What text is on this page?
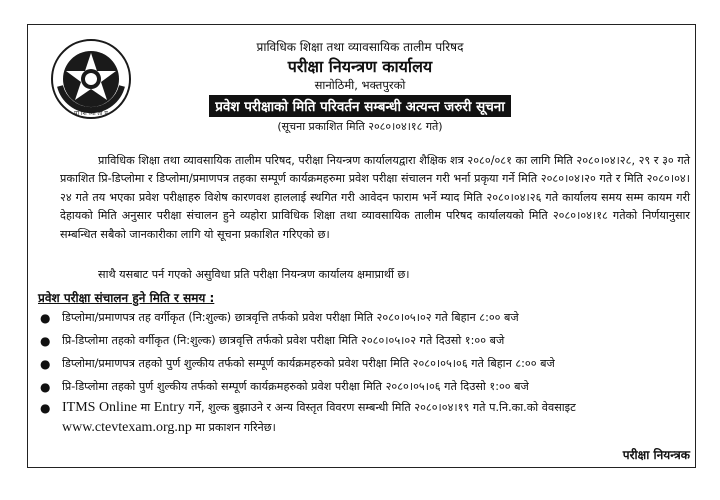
प्रा शि व्या ता प
प्राविधिक शिक्षा तथा व्यावसायिक तालीम परिषद
परीक्षा नियन्त्रण कार्यालय
सानोठिमी, भक्तपुरको
प्रवेश परीक्षाको मिति परिवर्तन सम्बन्धी अत्यन्त जरुरी सूचना
(सूचना प्रकाशित मिति २०८०।०४।१८ गते)

प्राविधिक शिक्षा तथा व्यावसायिक तालीम परिषद, परीक्षा नियन्त्रण कार्यालयद्वारा शैक्षिक शत्र २०८०/०८१ का लागि मिति २०८०।०४।२८, २९ र ३० गते प्रकाशित प्रि-डिप्लोमा र डिप्लोमा/प्रमाणपत्र तहका सम्पूर्ण कार्यक्रमहरुमा प्रवेश परीक्षा संचालन गरी भर्ना प्रकृया गर्ने मिति २०८०।०४।२० गते र मिति २०८०।०४।२४ गते तय भएका प्रवेश परीक्षाहरु विशेष कारणवश हाललाई स्थगित गरी आवेदन फाराम भर्ने म्याद मिति २०८०।०४।२६ गते कार्यालय समय सम्म कायम गरी देहायको मिति अनुसार परीक्षा संचालन हुने व्यहोरा प्राविधिक शिक्षा तथा व्यावसायिक तालीम परिषद कार्यालयको मिति २०८०।०४।१८ गतेको निर्णयानुसार सम्बन्धित सबैको जानकारीका लागि यो सूचना प्रकाशित गरिएको छ।

साथै यसबाट पर्न गएको असुविधा प्रति परीक्षा नियन्त्रण कार्यालय क्षमाप्रार्थी छ।

प्रवेश परीक्षा संचालन हुने मिति र समय :

● डिप्लोमा/प्रमाणपत्र तह वर्गीकृत (नि:शुल्क) छात्रवृत्ति तर्फको प्रवेश परीक्षा मिति २०८०।०५।०२ गते बिहान ८:०० बजे
● प्रि-डिप्लोमा तहको वर्गीकृत (नि:शुल्क) छात्रवृत्ति तर्फको प्रवेश परीक्षा मिति २०८०।०५।०२ गते दिउसो १:०० बजे
● डिप्लोमा/प्रमाणपत्र तहको पुर्ण शुल्कीय तर्फको सम्पूर्ण कार्यक्रमहरुको प्रवेश परीक्षा मिति २०८०।०५।०६ गते बिहान ८:०० बजे
● प्रि-डिप्लोमा तहको पुर्ण शुल्कीय तर्फको सम्पूर्ण कार्यक्रमहरुको प्रवेश परीक्षा मिति २०८०।०५।०६ गते दिउसो १:०० बजे
● ITMS Online मा Entry गर्ने, शुल्क बुझाउने र अन्य विस्तृत विवरण सम्बन्धी मिति २०८०।०४।१९ गते प.नि.का.को वेवसाइट
www.ctevtexam.org.np मा प्रकाशन गरिनेछ।
परीक्षा नियन्त्रक
